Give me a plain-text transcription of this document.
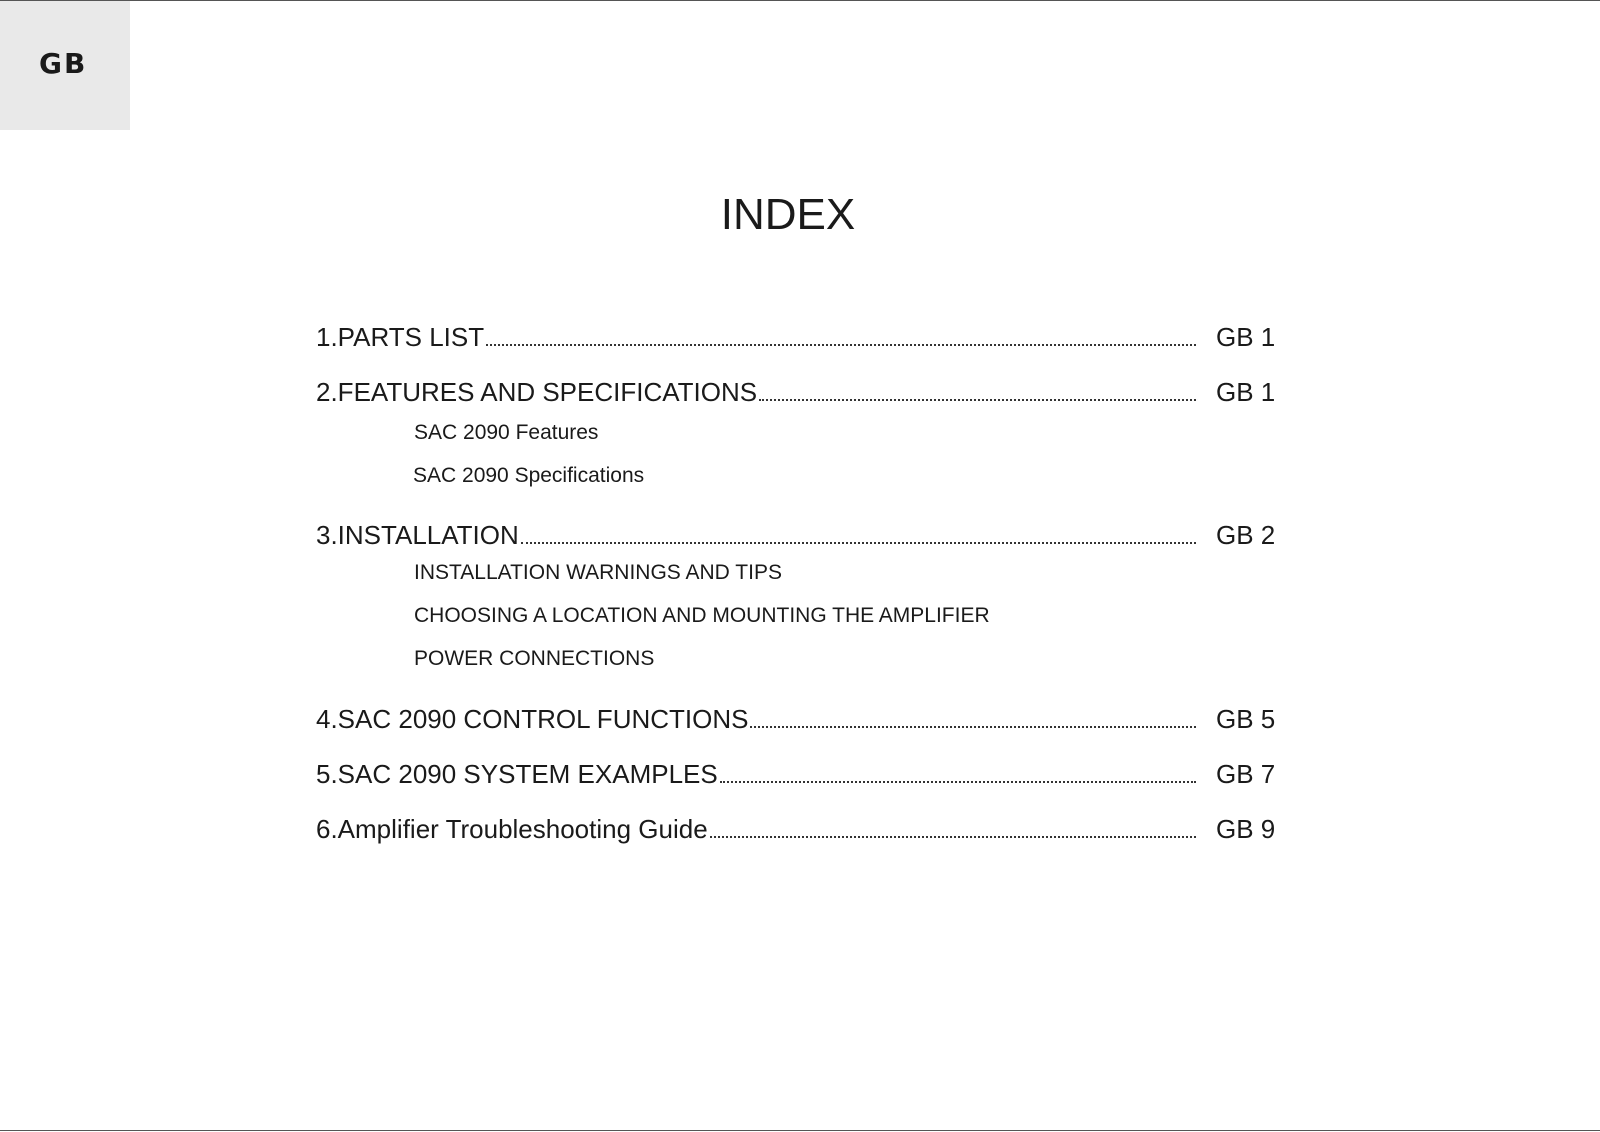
GB
INDEX
1.PARTS LIST	GB 1
2.FEATURES AND SPECIFICATIONS	GB 1
SAC 2090 Features
SAC 2090 Specifications
3.INSTALLATION	GB 2
INSTALLATION WARNINGS AND TIPS
CHOOSING A LOCATION AND MOUNTING THE AMPLIFIER
POWER CONNECTIONS
4.SAC 2090 CONTROL FUNCTIONS	GB 5
5.SAC 2090 SYSTEM EXAMPLES	GB 7
6.Amplifier Troubleshooting Guide	GB 9
